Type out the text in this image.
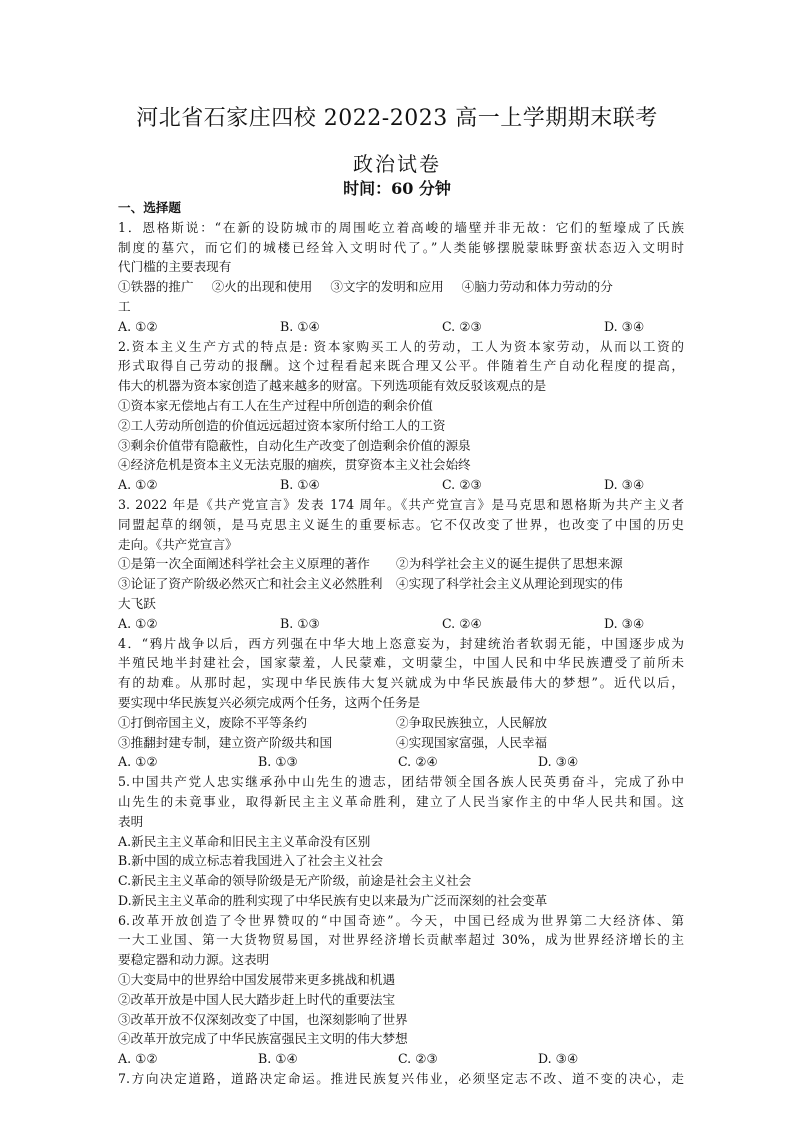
河北省石家庄四校 2022-2023 高一上学期期末联考
政治试卷
时间：60 分钟
一、选择题
1．恩格斯说：“在新的设防城市的周围屹立着高峻的墙壁并非无故：它们的堑壕成了氏族
制度的墓穴，而它们的城楼已经耸入文明时代了。”人类能够摆脱蒙昧野蛮状态迈入文明时
代门槛的主要表现有
①铁器的推广 ②火的出现和使用 ③文字的发明和应用 ④脑力劳动和体力劳动的分
工
A. ①②	B. ①④	C. ②③	D. ③④
2.资本主义生产方式的特点是: 资本家购买工人的劳动，工人为资本家劳动，从而以工资的
形式取得自己劳动的报酬。这个过程看起来既合理又公平。伴随着生产自动化程度的提高，
伟大的机器为资本家创造了越来越多的财富。下列选项能有效反驳该观点的是
①资本家无偿地占有工人在生产过程中所创造的剩余价值
②工人劳动所创造的价值远远超过资本家所付给工人的工资
③剩余价值带有隐蔽性，自动化生产改变了创造剩余价值的源泉
④经济危机是资本主义无法克服的痼疾，贯穿资本主义社会始终
A. ①②	B. ①④	C. ②③	D. ③④
3. 2022 年是《共产党宣言》发表 174 周年。《共产党宣言》是马克思和恩格斯为共产主义者
同盟起草的纲领，是马克思主义诞生的重要标志。它不仅改变了世界，也改变了中国的历史
走向。《共产党宣言》
①是第一次全面阐述科学社会主义原理的著作	②为科学社会主义的诞生提供了思想来源
③论证了资产阶级必然灭亡和社会主义必然胜利	④实现了科学社会主义从理论到现实的伟
大飞跃
A. ①②	B. ①③	C. ②④	D. ③④
4．“鸦片战争以后，西方列强在中华大地上恣意妄为，封建统治者软弱无能，中国逐步成为
半殖民地半封建社会，国家蒙羞，人民蒙难，文明蒙尘，中国人民和中华民族遭受了前所未
有的劫难。从那时起，实现中华民族伟大复兴就成为中华民族最伟大的梦想”。近代以后，
要实现中华民族复兴必须完成两个任务，这两个任务是
①打倒帝国主义，废除不平等条约	②争取民族独立，人民解放
③推翻封建专制，建立资产阶级共和国	④实现国家富强，人民幸福
A. ①②	B. ①③	C. ②④	D. ③④
5.中国共产党人忠实继承孙中山先生的遗志，团结带领全国各族人民英勇奋斗，完成了孙中
山先生的未竟事业，取得新民主主义革命胜利，建立了人民当家作主的中华人民共和国。这
表明
A.新民主主义革命和旧民主主义革命没有区别
B.新中国的成立标志着我国进入了社会主义社会
C.新民主主义革命的领导阶级是无产阶级，前途是社会主义社会
D.新民主主义革命的胜利实现了中华民族有史以来最为广泛而深刻的社会变革
6.改革开放创造了令世界赞叹的“中国奇迹”。今天，中国已经成为世界第二大经济体、第
一大工业国、第一大货物贸易国，对世界经济增长贡献率超过 30%，成为世界经济增长的主
要稳定器和动力源。这表明
①大变局中的世界给中国发展带来更多挑战和机遇
②改革开放是中国人民大踏步赶上时代的重要法宝
③改革开放不仅深刻改变了中国，也深刻影响了世界
④改革开放完成了中华民族富强民主文明的伟大梦想
A. ①②	B. ①④	C. ②③	D. ③④
7.方向决定道路，道路决定命运。推进民族复兴伟业，必须坚定志不改、道不变的决心，走
